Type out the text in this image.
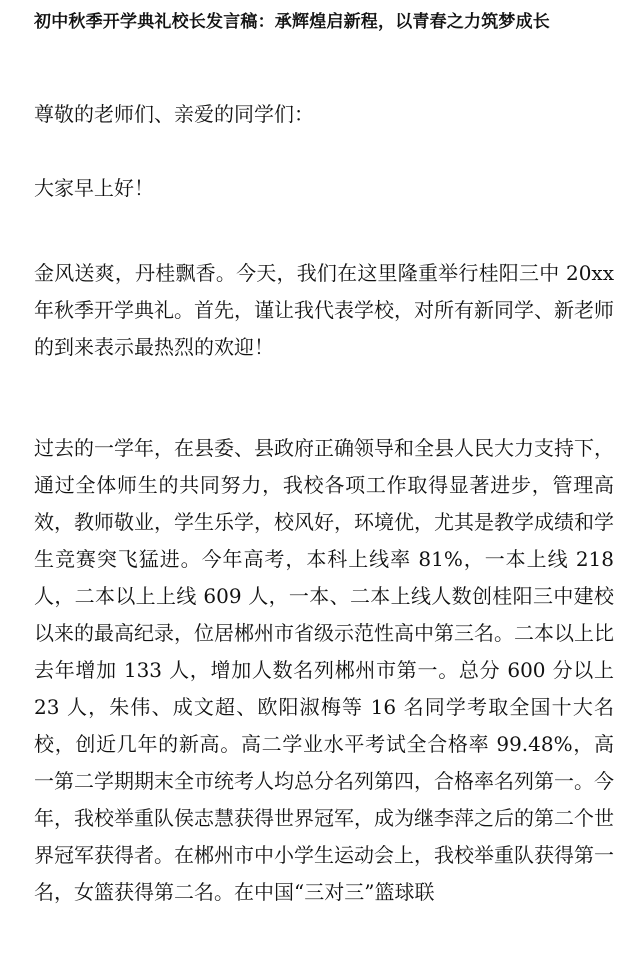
初中秋季开学典礼校长发言稿：承辉煌启新程，以青春之力筑梦成长
尊敬的老师们、亲爱的同学们：
大家早上好！
金风送爽，丹桂飘香。今天，我们在这里隆重举行桂阳三中 20xx 年秋季开学典礼。首先，谨让我代表学校，对所有新同学、新老师的到来表示最热烈的欢迎！
过去的一学年，在县委、县政府正确领导和全县人民大力支持下，通过全体师生的共同努力，我校各项工作取得显著进步，管理高效，教师敬业，学生乐学，校风好，环境优，尤其是教学成绩和学生竞赛突飞猛进。今年高考，本科上线率 81%，一本上线 218 人，二本以上上线 609 人，一本、二本上线人数创桂阳三中建校以来的最高纪录，位居郴州市省级示范性高中第三名。二本以上比去年增加 133 人，增加人数名列郴州市第一。总分 600 分以上 23 人，朱伟、成文超、欧阳淑梅等 16 名同学考取全国十大名校，创近几年的新高。高二学业水平考试全合格率 99.48%，高一第二学期期末全市统考人均总分名列第四，合格率名列第一。今年，我校举重队侯志慧获得世界冠军，成为继李萍之后的第二个世界冠军获得者。在郴州市中小学生运动会上，我校举重队获得第一名，女篮获得第二名。在中国“三对三”篮球联
